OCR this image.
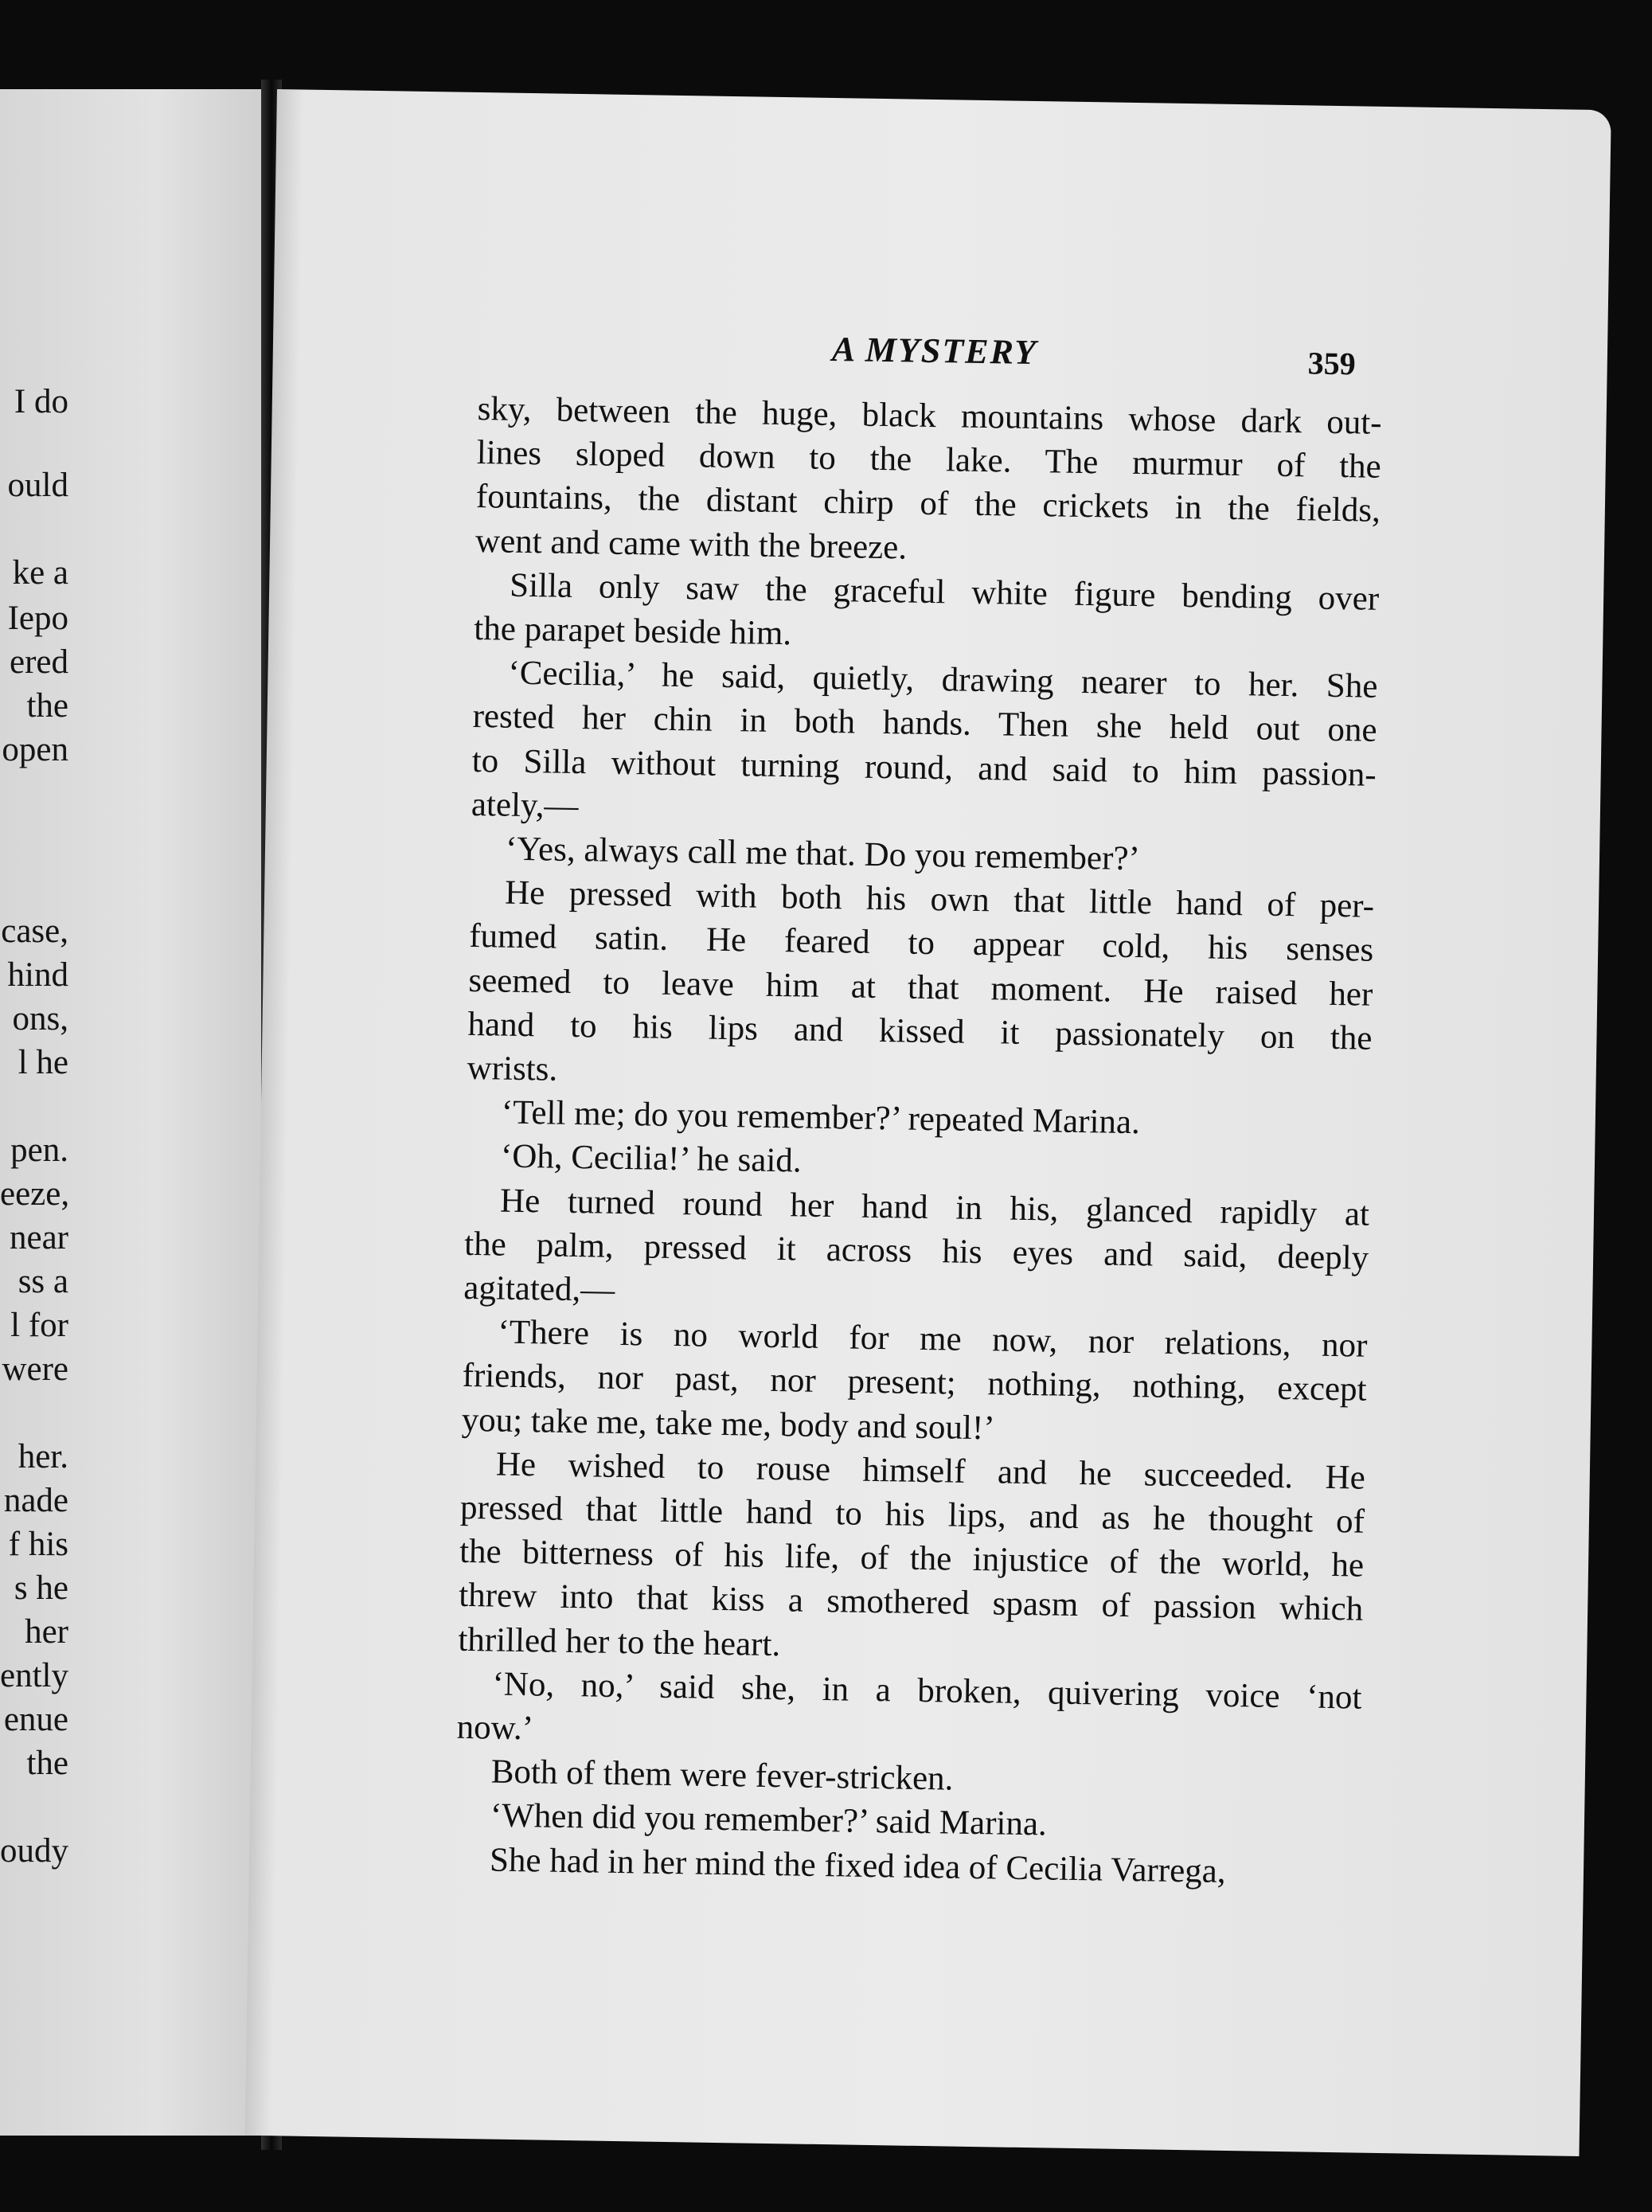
I do
ould
ke a
Iepo
ered
the
open
case,
hind
ons,
l he
pen.
eeze,
near
ss a
l for
were
her.
nade
f his
s he
her
ently
enue
the
oudy
A MYSTERY	359
sky, between the huge, black mountains whose dark out-
lines sloped down to the lake. The murmur of the
fountains, the distant chirp of the crickets in the fields,
went and came with the breeze.
Silla only saw the graceful white figure bending over
the parapet beside him.
‘Cecilia,’ he said, quietly, drawing nearer to her. She
rested her chin in both hands. Then she held out one
to Silla without turning round, and said to him passion-
ately,—
‘Yes, always call me that. Do you remember?’
He pressed with both his own that little hand of per-
fumed satin. He feared to appear cold, his senses
seemed to leave him at that moment. He raised her
hand to his lips and kissed it passionately on the
wrists.
‘Tell me; do you remember?’ repeated Marina.
‘Oh, Cecilia!’ he said.
He turned round her hand in his, glanced rapidly at
the palm, pressed it across his eyes and said, deeply
agitated,—
‘There is no world for me now, nor relations, nor
friends, nor past, nor present; nothing, nothing, except
you; take me, take me, body and soul!’
He wished to rouse himself and he succeeded. He
pressed that little hand to his lips, and as he thought of
the bitterness of his life, of the injustice of the world, he
threw into that kiss a smothered spasm of passion which
thrilled her to the heart.
‘No, no,’ said she, in a broken, quivering voice ‘not
now.’
Both of them were fever-stricken.
‘When did you remember?’ said Marina.
She had in her mind the fixed idea of Cecilia Varrega,
